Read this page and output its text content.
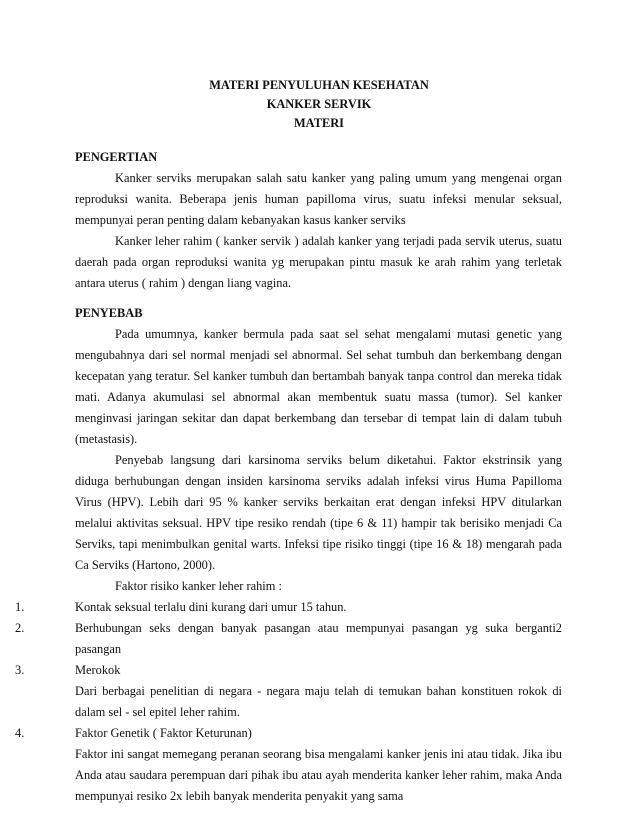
MATERI PENYULUHAN KESEHATAN
KANKER SERVIK
MATERI

PENGERTIAN

Kanker serviks merupakan salah satu kanker yang paling umum yang mengenai organ reproduksi wanita. Beberapa jenis human papilloma virus, suatu infeksi menular seksual, mempunyai peran penting dalam kebanyakan kasus kanker serviks

Kanker leher rahim ( kanker servik ) adalah kanker yang terjadi pada servik uterus, suatu daerah pada organ reproduksi wanita yg merupakan pintu masuk ke arah rahim yang terletak antara uterus ( rahim ) dengan liang vagina.

PENYEBAB

Pada umumnya, kanker bermula pada saat sel sehat mengalami mutasi genetic yang mengubahnya dari sel normal menjadi sel abnormal. Sel sehat tumbuh dan berkembang dengan kecepatan yang teratur. Sel kanker tumbuh dan bertambah banyak tanpa control dan mereka tidak mati. Adanya akumulasi sel abnormal akan membentuk suatu massa (tumor). Sel kanker menginvasi jaringan sekitar dan dapat berkembang dan tersebar di tempat lain di dalam tubuh (metastasis).

Penyebab langsung dari karsinoma serviks belum diketahui. Faktor ekstrinsik yang diduga berhubungan dengan insiden karsinoma serviks adalah infeksi virus Huma Papilloma Virus (HPV). Lebih dari 95 % kanker serviks berkaitan erat dengan infeksi HPV ditularkan melalui aktivitas seksual. HPV tipe resiko rendah (tipe 6 & 11) hampir tak berisiko menjadi Ca Serviks, tapi menimbulkan genital warts. Infeksi tipe risiko tinggi (tipe 16 & 18) mengarah pada Ca Serviks (Hartono, 2000).

Faktor risiko kanker leher rahim :

1.	Kontak seksual terlalu dini kurang dari umur 15 tahun.
2.	Berhubungan seks dengan banyak pasangan atau mempunyai pasangan yg suka berganti2 pasangan
3.	Merokok
Dari berbagai penelitian di negara - negara maju telah di temukan bahan konstituen rokok di dalam sel - sel epitel leher rahim.
4.	Faktor Genetik ( Faktor Keturunan)
Faktor ini sangat memegang peranan seorang bisa mengalami kanker jenis ini atau tidak. Jika ibu Anda atau saudara perempuan dari pihak ibu atau ayah menderita kanker leher rahim, maka Anda mempunyai resiko 2x lebih banyak menderita penyakit yang sama
